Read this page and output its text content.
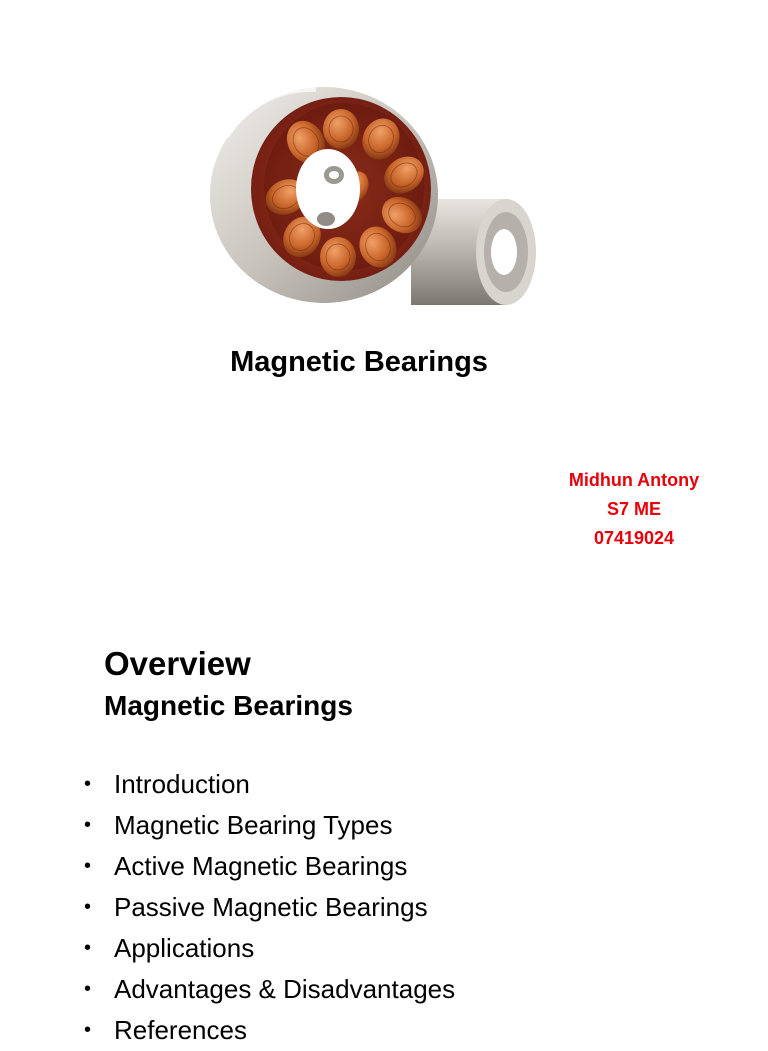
Magnetic Bearings
Midhun Antony
S7 ME
07419024
Overview
Magnetic Bearings
• Introduction
• Magnetic Bearing Types
• Active Magnetic Bearings
• Passive Magnetic Bearings
• Applications
• Advantages & Disadvantages
• References
